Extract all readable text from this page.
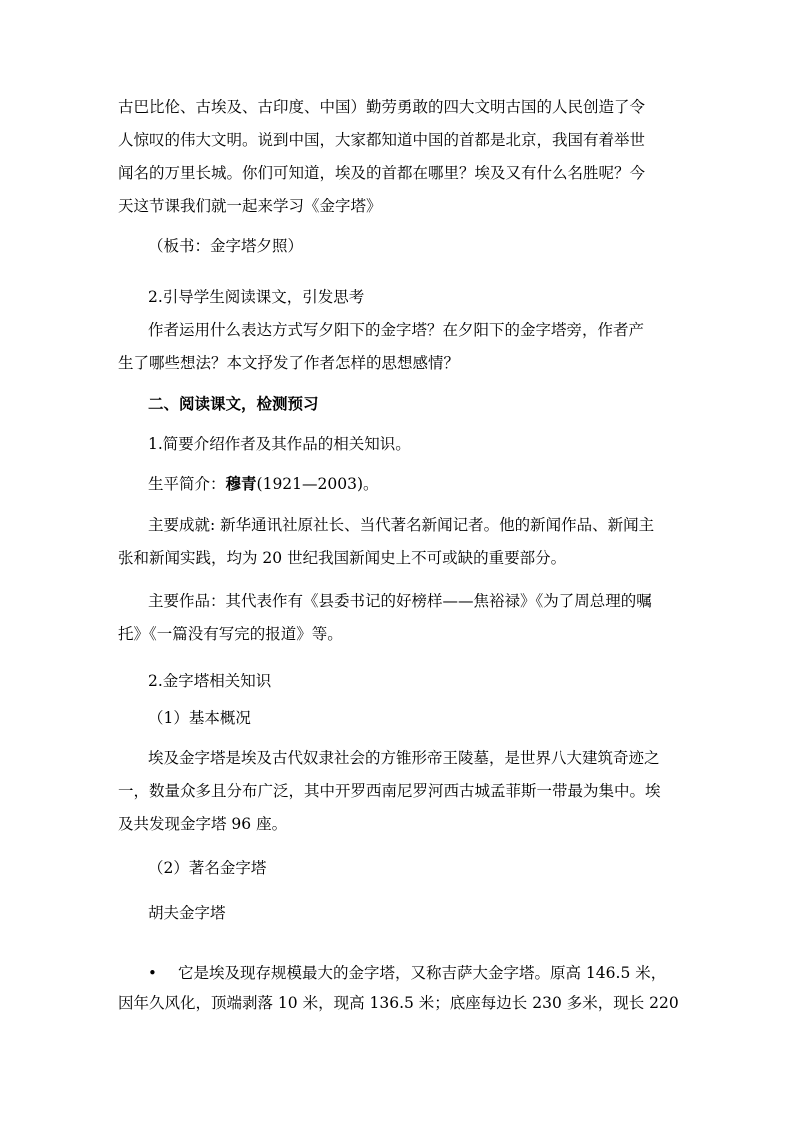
古巴比伦、古埃及、古印度、中国）勤劳勇敢的四大文明古国的人民创造了令

人惊叹的伟大文明。说到中国，大家都知道中国的首都是北京，我国有着举世

闻名的万里长城。你们可知道，埃及的首都在哪里？埃及又有什么名胜呢？今

天这节课我们就一起来学习《金字塔》

（板书：金字塔夕照）

2.引导学生阅读课文，引发思考

作者运用什么表达方式写夕阳下的金字塔？在夕阳下的金字塔旁，作者产

生了哪些想法？本文抒发了作者怎样的思想感情？

二、阅读课文，检测预习

1.简要介绍作者及其作品的相关知识。

生平简介：穆青(1921—2003)。

主要成就: 新华通讯社原社长、当代著名新闻记者。他的新闻作品、新闻主

张和新闻实践，均为 20 世纪我国新闻史上不可或缺的重要部分。

主要作品：其代表作有《县委书记的好榜样——焦裕禄》《为了周总理的嘱

托》《一篇没有写完的报道》等。

2.金字塔相关知识

（1）基本概况

埃及金字塔是埃及古代奴隶社会的方锥形帝王陵墓，是世界八大建筑奇迹之

一，数量众多且分布广泛，其中开罗西南尼罗河西古城孟菲斯一带最为集中。埃

及共发现金字塔 96 座。

（2）著名金字塔

胡夫金字塔

• 它是埃及现存规模最大的金字塔，又称吉萨大金字塔。原高 146.5 米，

因年久风化，顶端剥落 10 米，现高 136.5 米；底座每边长 230 多米，现长 220
